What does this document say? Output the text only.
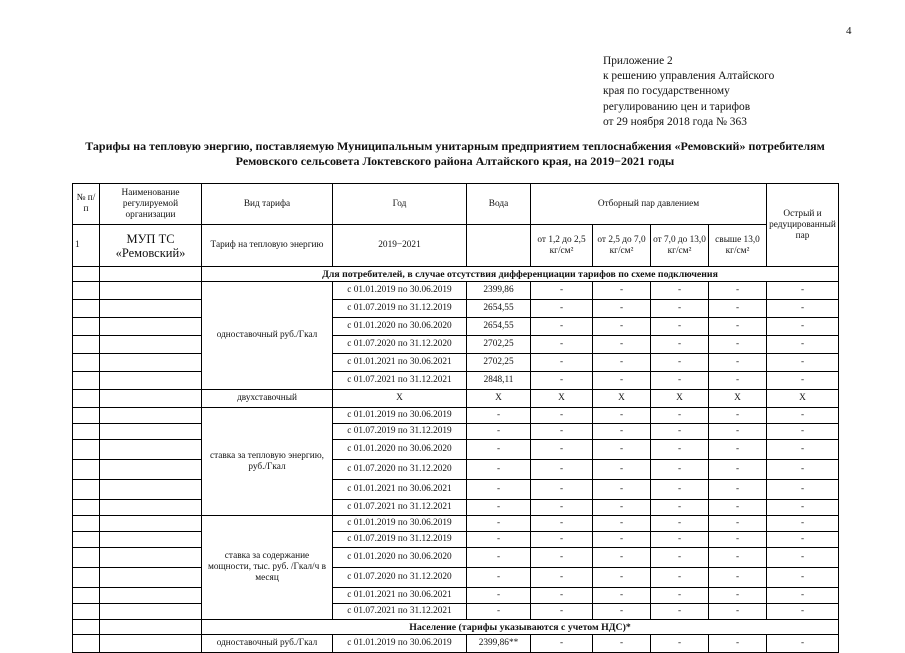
4
Приложение 2
к решению управления Алтайского
края по государственному
регулированию цен и тарифов
от 29 ноября 2018 года № 363
Тарифы на тепловую энергию, поставляемую Муниципальным унитарным предприятием теплоснабжения «Ремовский» потребителям
Ремовского сельсовета Локтевского района Алтайского края, на 2019−2021 годы
№ п/п	Наименование регулируемой организации	Вид тарифа	Год	Вода	Отборный пар давлением				Острый и редуцированный пар
1	МУП ТС «Ремовский»	Тариф на тепловую энергию	2019−2021		от 1,2 до 2,5 кг/см²	от 2,5 до 7,0 кг/см²	от 7,0 до 13,0 кг/см²	свыше 13,0 кг/см²	
		Для потребителей, в случае отсутствия дифференциации тарифов по схеме подключения							
		одноставочный руб./Гкал	с 01.01.2019 по 30.06.2019	2399,86	-	-	-	-	-
			с 01.07.2019 по 31.12.2019	2654,55	-	-	-	-	-
			с 01.01.2020 по 30.06.2020	2654,55	-	-	-	-	-
			с 01.07.2020 по 31.12.2020	2702,25	-	-	-	-	-
			с 01.01.2021 по 30.06.2021	2702,25	-	-	-	-	-
			с 01.07.2021 по 31.12.2021	2848,11	-	-	-	-	-
		двухставочный	Х	Х	Х	Х	Х	Х	Х
		ставка за тепловую энергию, руб./Гкал	с 01.01.2019 по 30.06.2019	-	-	-	-	-	-
			с 01.07.2019 по 31.12.2019	-	-	-	-	-	-
			с 01.01.2020 по 30.06.2020	-	-	-	-	-	-
			с 01.07.2020 по 31.12.2020	-	-	-	-	-	-
			с 01.01.2021 по 30.06.2021	-	-	-	-	-	-
			с 01.07.2021 по 31.12.2021	-	-	-	-	-	-
		ставка за содержание мощности, тыс. руб. /Гкал/ч в месяц	с 01.01.2019 по 30.06.2019	-	-	-	-	-	-
			с 01.07.2019 по 31.12.2019	-	-	-	-	-	-
			с 01.01.2020 по 30.06.2020	-	-	-	-	-	-
			с 01.07.2020 по 31.12.2020	-	-	-	-	-	-
			с 01.01.2021 по 30.06.2021	-	-	-	-	-	-
			с 01.07.2021 по 31.12.2021	-	-	-	-	-	-
		Население (тарифы указываются с учетом НДС)*							
		одноставочный руб./Гкал	с 01.01.2019 по 30.06.2019	2399,86**	-	-	-	-	-
